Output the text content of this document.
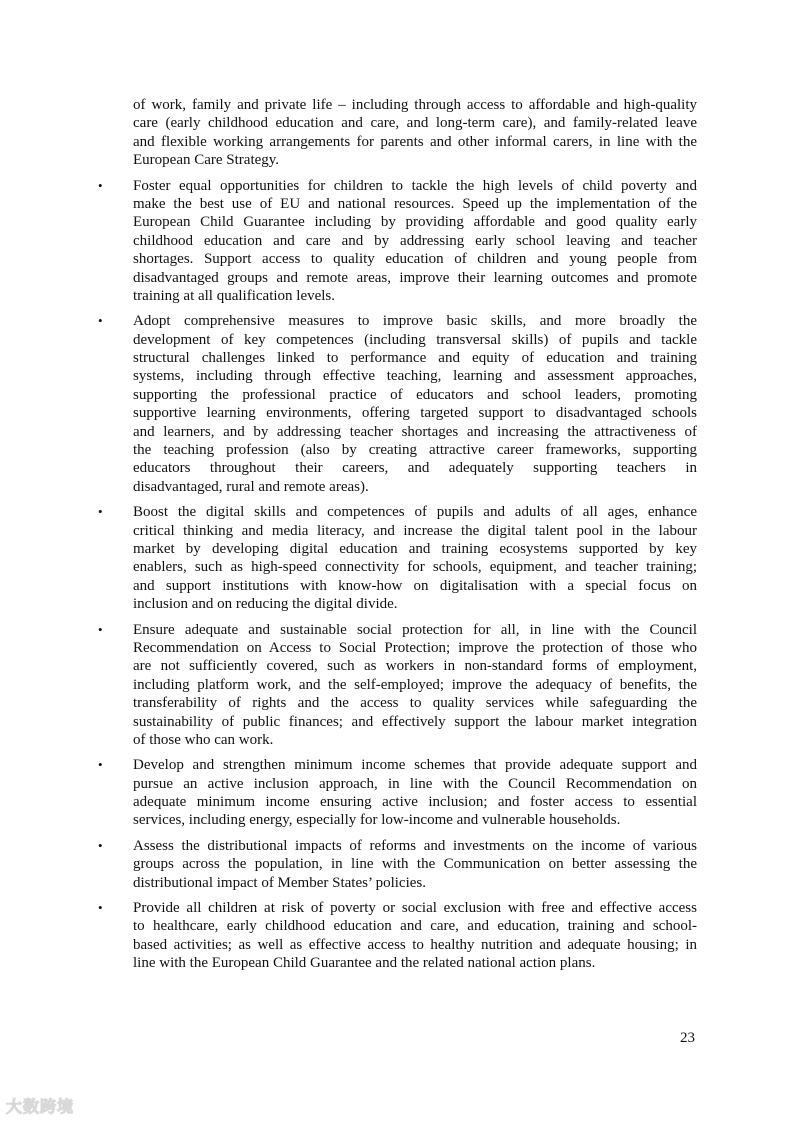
of work, family and private life – including through access to affordable and high-quality
care (early childhood education and care, and long-term care), and family-related leave
and flexible working arrangements for parents and other informal carers, in line with the
European Care Strategy.
• Foster equal opportunities for children to tackle the high levels of child poverty and
make the best use of EU and national resources. Speed up the implementation of the
European Child Guarantee including by providing affordable and good quality early
childhood education and care and by addressing early school leaving and teacher
shortages. Support access to quality education of children and young people from
disadvantaged groups and remote areas, improve their learning outcomes and promote
training at all qualification levels.
• Adopt comprehensive measures to improve basic skills, and more broadly the
development of key competences (including transversal skills) of pupils and tackle
structural challenges linked to performance and equity of education and training
systems, including through effective teaching, learning and assessment approaches,
supporting the professional practice of educators and school leaders, promoting
supportive learning environments, offering targeted support to disadvantaged schools
and learners, and by addressing teacher shortages and increasing the attractiveness of
the teaching profession (also by creating attractive career frameworks, supporting
educators throughout their careers, and adequately supporting teachers in
disadvantaged, rural and remote areas).
• Boost the digital skills and competences of pupils and adults of all ages, enhance
critical thinking and media literacy, and increase the digital talent pool in the labour
market by developing digital education and training ecosystems supported by key
enablers, such as high-speed connectivity for schools, equipment, and teacher training;
and support institutions with know-how on digitalisation with a special focus on
inclusion and on reducing the digital divide.
• Ensure adequate and sustainable social protection for all, in line with the Council
Recommendation on Access to Social Protection; improve the protection of those who
are not sufficiently covered, such as workers in non-standard forms of employment,
including platform work, and the self-employed; improve the adequacy of benefits, the
transferability of rights and the access to quality services while safeguarding the
sustainability of public finances; and effectively support the labour market integration
of those who can work.
• Develop and strengthen minimum income schemes that provide adequate support and
pursue an active inclusion approach, in line with the Council Recommendation on
adequate minimum income ensuring active inclusion; and foster access to essential
services, including energy, especially for low-income and vulnerable households.
• Assess the distributional impacts of reforms and investments on the income of various
groups across the population, in line with the Communication on better assessing the
distributional impact of Member States’ policies.
• Provide all children at risk of poverty or social exclusion with free and effective access
to healthcare, early childhood education and care, and education, training and school-
based activities; as well as effective access to healthy nutrition and adequate housing; in
line with the European Child Guarantee and the related national action plans.
23
大数跨境
